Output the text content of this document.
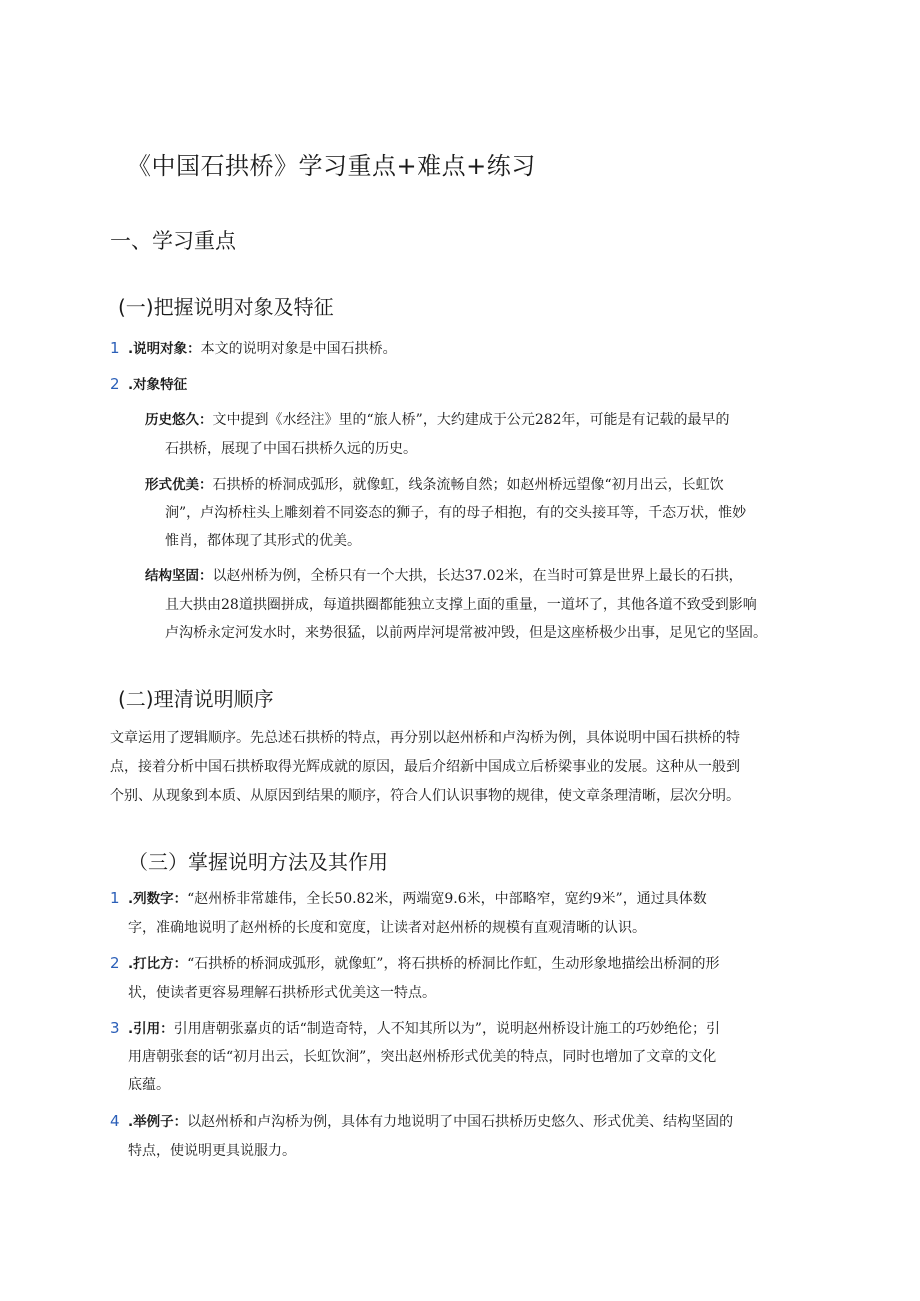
《中国石拱桥》学习重点+难点+练习
一、学习重点
(一)把握说明对象及特征
1 .说明对象：本文的说明对象是中国石拱桥。
2 .对象特征
历史悠久：文中提到《水经注》里的“旅人桥”，大约建成于公元282年，可能是有记载的最早的
石拱桥，展现了中国石拱桥久远的历史。
形式优美：石拱桥的桥洞成弧形，就像虹，线条流畅自然；如赵州桥远望像“初月出云，长虹饮
涧”，卢沟桥柱头上雕刻着不同姿态的狮子，有的母子相抱，有的交头接耳等，千态万状，惟妙
惟肖，都体现了其形式的优美。
结构坚固：以赵州桥为例，全桥只有一个大拱，长达37.02米，在当时可算是世界上最长的石拱，
且大拱由28道拱圈拼成，每道拱圈都能独立支撑上面的重量，一道坏了，其他各道不致受到影响
卢沟桥永定河发水时，来势很猛，以前两岸河堤常被冲毁，但是这座桥极少出事，足见它的坚固。
(二)理清说明顺序
文章运用了逻辑顺序。先总述石拱桥的特点，再分别以赵州桥和卢沟桥为例，具体说明中国石拱桥的特
点，接着分析中国石拱桥取得光辉成就的原因，最后介绍新中国成立后桥梁事业的发展。这种从一般到
个别、从现象到本质、从原因到结果的顺序，符合人们认识事物的规律，使文章条理清晰，层次分明。
（三）掌握说明方法及其作用
1 .列数字：“赵州桥非常雄伟，全长50.82米，两端宽9.6米，中部略窄，宽约9米”，通过具体数
字，准确地说明了赵州桥的长度和宽度，让读者对赵州桥的规模有直观清晰的认识。
2 .打比方：“石拱桥的桥洞成弧形，就像虹”，将石拱桥的桥洞比作虹，生动形象地描绘出桥洞的形
状，使读者更容易理解石拱桥形式优美这一特点。
3 .引用：引用唐朝张嘉贞的话“制造奇特，人不知其所以为”，说明赵州桥设计施工的巧妙绝伦；引
用唐朝张套的话“初月出云，长虹饮涧”，突出赵州桥形式优美的特点，同时也增加了文章的文化
底蕴。
4 .举例子：以赵州桥和卢沟桥为例，具体有力地说明了中国石拱桥历史悠久、形式优美、结构坚固的
特点，使说明更具说服力。
